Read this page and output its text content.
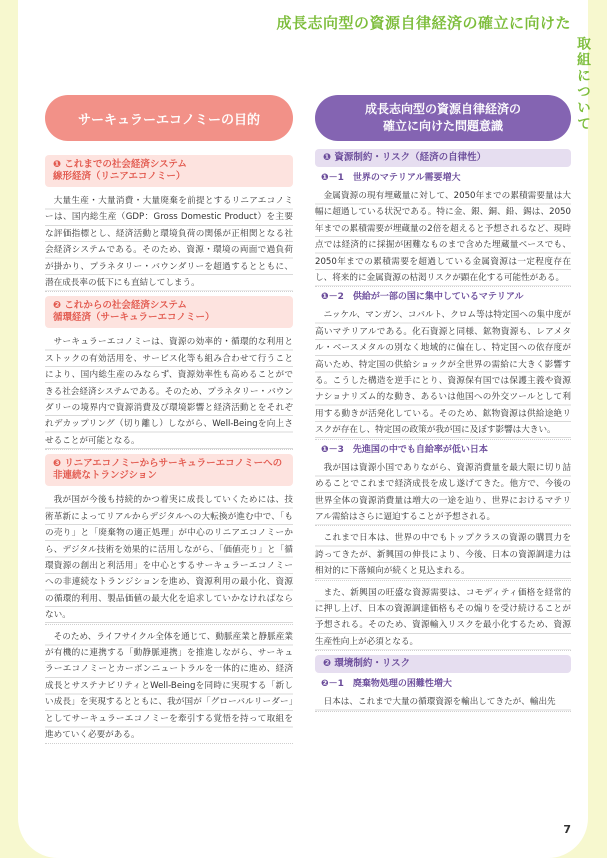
成長志向型の資源自律経済の確立に向けた
取組について
サーキュラーエコノミーの目的
❶ これまでの社会経済システム
線形経済（リニアエコノミー）

大量生産・大量消費・大量廃棄を前提とするリニアエコノミーは、国内総生産（GDP：Gross Domestic Product）を主要な評価指標とし、経済活動と環境負荷の関係が正相関となる社会経済システムである。そのため、資源・環境の両面で過負荷が掛かり、プラネタリー・バウンダリーを超過するとともに、潜在成長率の低下にも直結してしまう。

❷ これからの社会経済システム
循環経済（サーキュラーエコノミー）

サーキュラーエコノミーは、資源の効率的・循環的な利用とストックの有効活用を、サービス化等も組み合わせて行うことにより、国内総生産のみならず、資源効率性も高めることができる社会経済システムである。そのため、プラネタリー・バウンダリーの境界内で資源消費及び環境影響と経済活動とをそれぞれデカップリング（切り離し）しながら、Well-Beingを向上させることが可能となる。

❸ リニアエコノミーからサーキュラーエコノミーへの
非連続なトランジション

我が国が今後も持続的かつ着実に成長していくためには、技術革新によってリアルからデジタルへの大転換が進む中で、「もの売り」と「廃棄物の適正処理」が中心のリニアエコノミーから、デジタル技術を効果的に活用しながら、「価値売り」と「循環資源の創出と利活用」を中心とするサーキュラーエコノミーへの非連続なトランジションを進め、資源利用の最小化、資源の循環的利用、製品価値の最大化を追求していかなければならない。

そのため、ライフサイクル全体を通じて、動脈産業と静脈産業が有機的に連携する「動静脈連携」を推進しながら、サーキュラーエコノミーとカーボンニュートラルを一体的に進め、経済成長とサステナビリティとWell-Beingを同時に実現する「新しい成長」を実現するとともに、我が国が「グローバルリーダー」としてサーキュラーエコノミーを牽引する覚悟を持って取組を進めていく必要がある。

成長志向型の資源自律経済の
確立に向けた問題意識
❶ 資源制約・リスク（経済の自律性）
❶－1　世界のマテリアル需要増大

金属資源の現有埋蔵量に対して、2050年までの累積需要量は大幅に超過している状況である。特に金、銀、銅、鉛、錫は、2050年までの累積需要が埋蔵量の2倍を超えると予想されるなど、現時点では経済的に採掘が困難なものまで含めた埋蔵量ベースでも、2050年までの累積需要を超過している金属資源は一定程度存在し、将来的に金属資源の枯渇リスクが顕在化する可能性がある。

❶－2　供給が一部の国に集中しているマテリアル

ニッケル、マンガン、コバルト、クロム等は特定国への集中度が高いマテリアルである。化石資源と同様、鉱物資源も、レアメタル・ベースメタルの別なく地域的に偏在し、特定国への依存度が高いため、特定国の供給ショックが全世界の需給に大きく影響する。こうした構造を逆手にとり、資源保有国では保護主義や資源ナショナリズム的な動き、あるいは他国への外交ツールとして利用する動きが活発化している。そのため、鉱物資源は供給途絶リスクが存在し、特定国の政策が我が国に及ぼす影響は大きい。

❶－3　先進国の中でも自給率が低い日本

我が国は資源小国でありながら、資源消費量を最大限に切り詰めることでこれまで経済成長を成し遂げてきた。他方で、今後の世界全体の資源消費量は増大の一途を辿り、世界におけるマテリアル需給はさらに逼迫することが予想される。

これまで日本は、世界の中でもトップクラスの資源の購買力を誇ってきたが、新興国の伸長により、今後、日本の資源調達力は相対的に下落傾向が続くと見込まれる。

また、新興国の旺盛な資源需要は、コモディティ価格を経常的に押し上げ、日本の資源調達価格もその煽りを受け続けることが予想される。そのため、資源輸入リスクを最小化するため、資源生産性向上が必須となる。

❷ 環境制約・リスク
❷－1　廃棄物処理の困難性増大

日本は、これまで大量の循環資源を輸出してきたが、輸出先

7
